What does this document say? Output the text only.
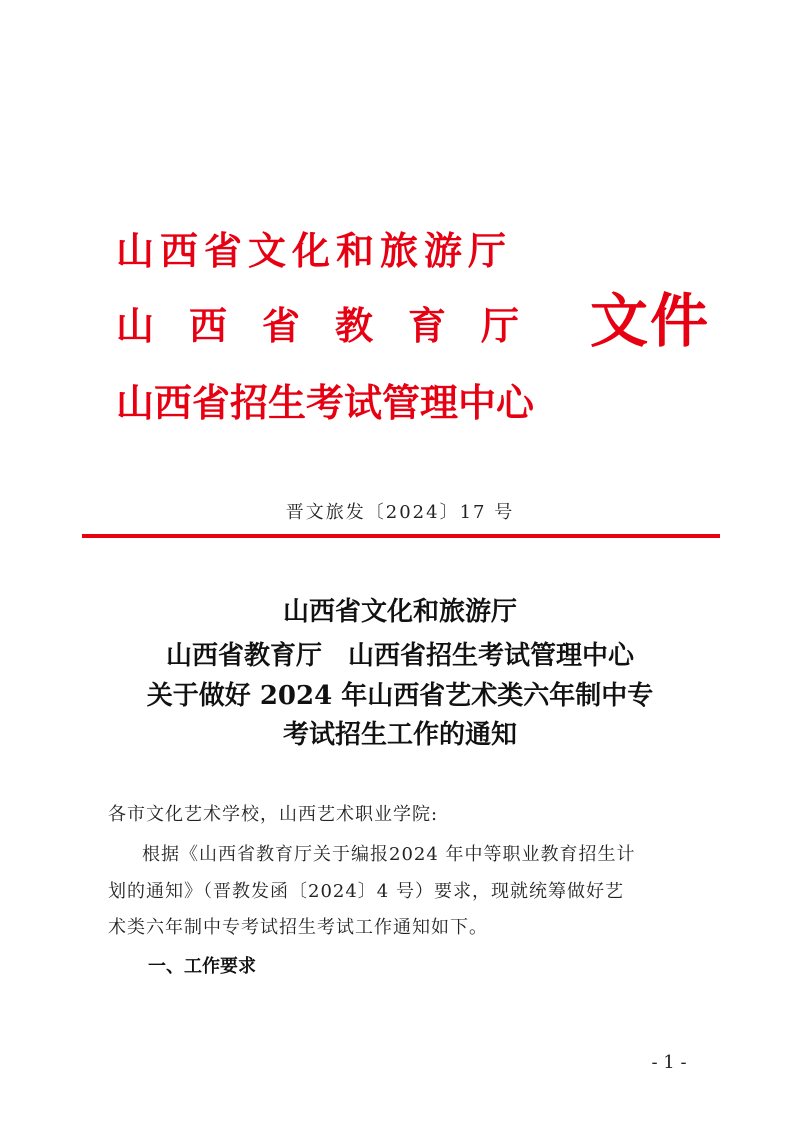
山西省文化和旅游厅
山西省教育厅
山西省招生考试管理中心
文件
晋文旅发〔2024〕17 号
山西省文化和旅游厅
山西省教育厅　山西省招生考试管理中心
关于做好 2024 年山西省艺术类六年制中专
考试招生工作的通知
各市文化艺术学校，山西艺术职业学院:
根据《山西省教育厅关于编报2024 年中等职业教育招生计
划的通知》（晋教发函〔2024〕4 号）要求，现就统筹做好艺
术类六年制中专考试招生考试工作通知如下。
一、工作要求
- 1 -
